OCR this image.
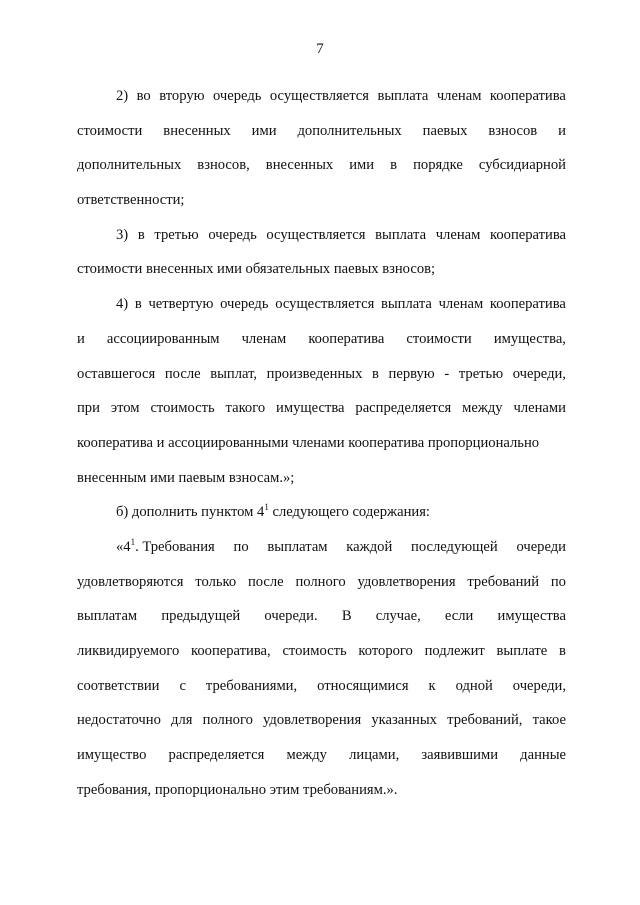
7
2) во вторую очередь осуществляется выплата членам кооператива
стоимости внесенных ими дополнительных паевых взносов и
дополнительных взносов, внесенных ими в порядке субсидиарной
ответственности;
3) в третью очередь осуществляется выплата членам кооператива
стоимости внесенных ими обязательных паевых взносов;
4) в четвертую очередь осуществляется выплата членам кооператива
и ассоциированным членам кооператива стоимости имущества,
оставшегося после выплат, произведенных в первую - третью очереди,
при этом стоимость такого имущества распределяется между членами
кооператива и ассоциированными членами кооператива пропорционально
внесенным ими паевым взносам.»;
б) дополнить пунктом $4^1$ следующего содержания:
«$4^1$. Требования по выплатам каждой последующей очереди
удовлетворяются только после полного удовлетворения требований по
выплатам предыдущей очереди. В случае, если имущества
ликвидируемого кооператива, стоимость которого подлежит выплате в
соответствии с требованиями, относящимися к одной очереди,
недостаточно для полного удовлетворения указанных требований, такое
имущество распределяется между лицами, заявившими данные
требования, пропорционально этим требованиям.».
